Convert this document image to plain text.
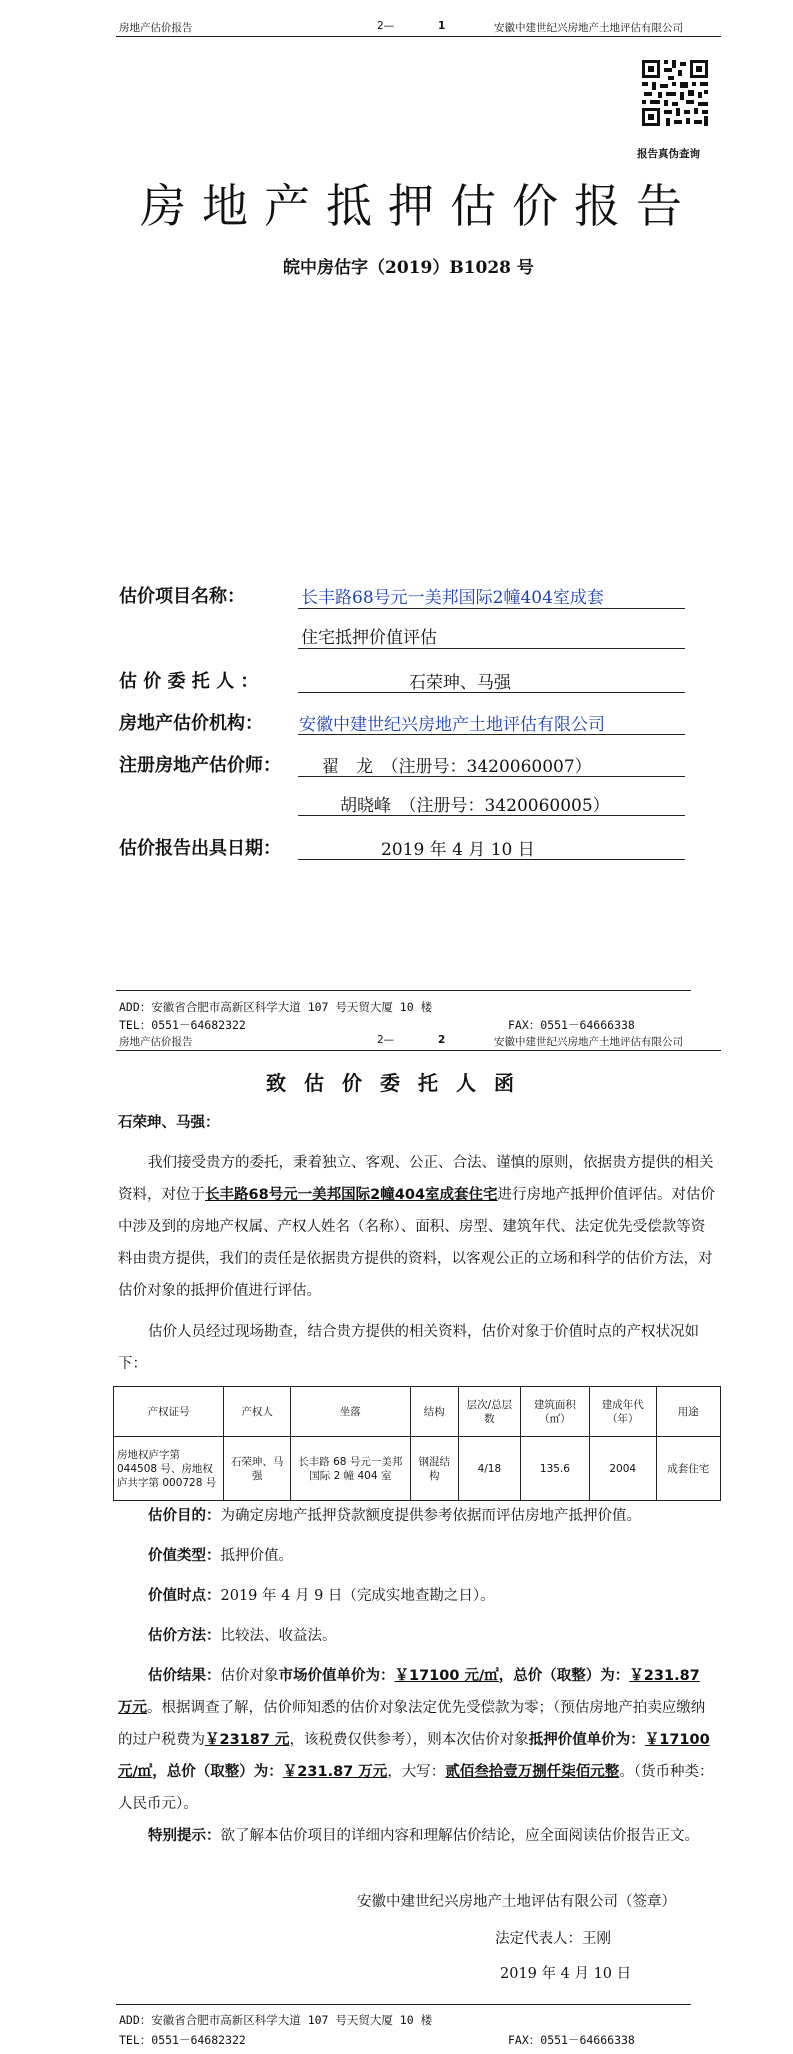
房地产估价报告	2—	1	安徽中建世纪兴房地产土地评估有限公司
报告真伪查询
房地产抵押估价报告
皖中房估字（2019）B1028 号
估价项目名称：	长丰路68号元一美邦国际2幢404室成套
住宅抵押价值评估
估 价 委 托 人 ：	石荣珅、马强
房地产估价机构： 安徽中建世纪兴房地产土地评估有限公司
注册房地产估价师： 翟　龙　（注册号：3420060007）
胡晓峰　（注册号：3420060005）
估价报告出具日期：	2019 年 4 月 10 日
ADD：安徽省合肥市高新区科学大道 107 号天贸大厦 10 楼
TEL：0551－64682322	FAX：0551－64666338
房地产估价报告	2—	2	安徽中建世纪兴房地产土地评估有限公司
致估价委托人函
石荣珅、马强：
我们接受贵方的委托，秉着独立、客观、公正、合法、谨慎的原则，依据贵方提供的相关资料，对位于长丰路68号元一美邦国际2幢404室成套住宅进行房地产抵押价值评估。对估价中涉及到的房地产权属、产权人姓名（名称）、面积、房型、建筑年代、法定优先受偿款等资料由贵方提供，我们的责任是依据贵方提供的资料，以客观公正的立场和科学的估价方法，对估价对象的抵押价值进行评估。
估价人员经过现场勘查，结合贵方提供的相关资料，估价对象于价值时点的产权状况如下：
产权证号	产权人	坐落	结构	层次/总层数	建筑面积（㎡）	建成年代（年）	用途
房地权庐字第 044508 号、房地权庐共字第 000728 号	石荣珅、马强	长丰路 68 号元一美邦国际 2 幢 404 室	钢混结构	4/18	135.6	2004	成套住宅
估价目的：为确定房地产抵押贷款额度提供参考依据而评估房地产抵押价值。
价值类型：抵押价值。
价值时点：2019 年 4 月 9 日（完成实地查勘之日）。
估价方法：比较法、收益法。
估价结果：估价对象市场价值单价为：￥17100 元/㎡，总价（取整）为：￥231.87 万元。根据调查了解，估价师知悉的估价对象法定优先受偿款为零；（预估房地产拍卖应缴纳的过户税费为￥23187 元，该税费仅供参考），则本次估价对象抵押价值单价为：￥17100 元/㎡，总价（取整）为：￥231.87 万元，大写：贰佰叁拾壹万捌仟柒佰元整。（货币种类：人民币元）。
特别提示：欲了解本估价项目的详细内容和理解估价结论，应全面阅读估价报告正文。
安徽中建世纪兴房地产土地评估有限公司（签章）
法定代表人：王刚
2019 年 4 月 10 日
ADD：安徽省合肥市高新区科学大道 107 号天贸大厦 10 楼
TEL：0551－64682322	FAX：0551－64666338
